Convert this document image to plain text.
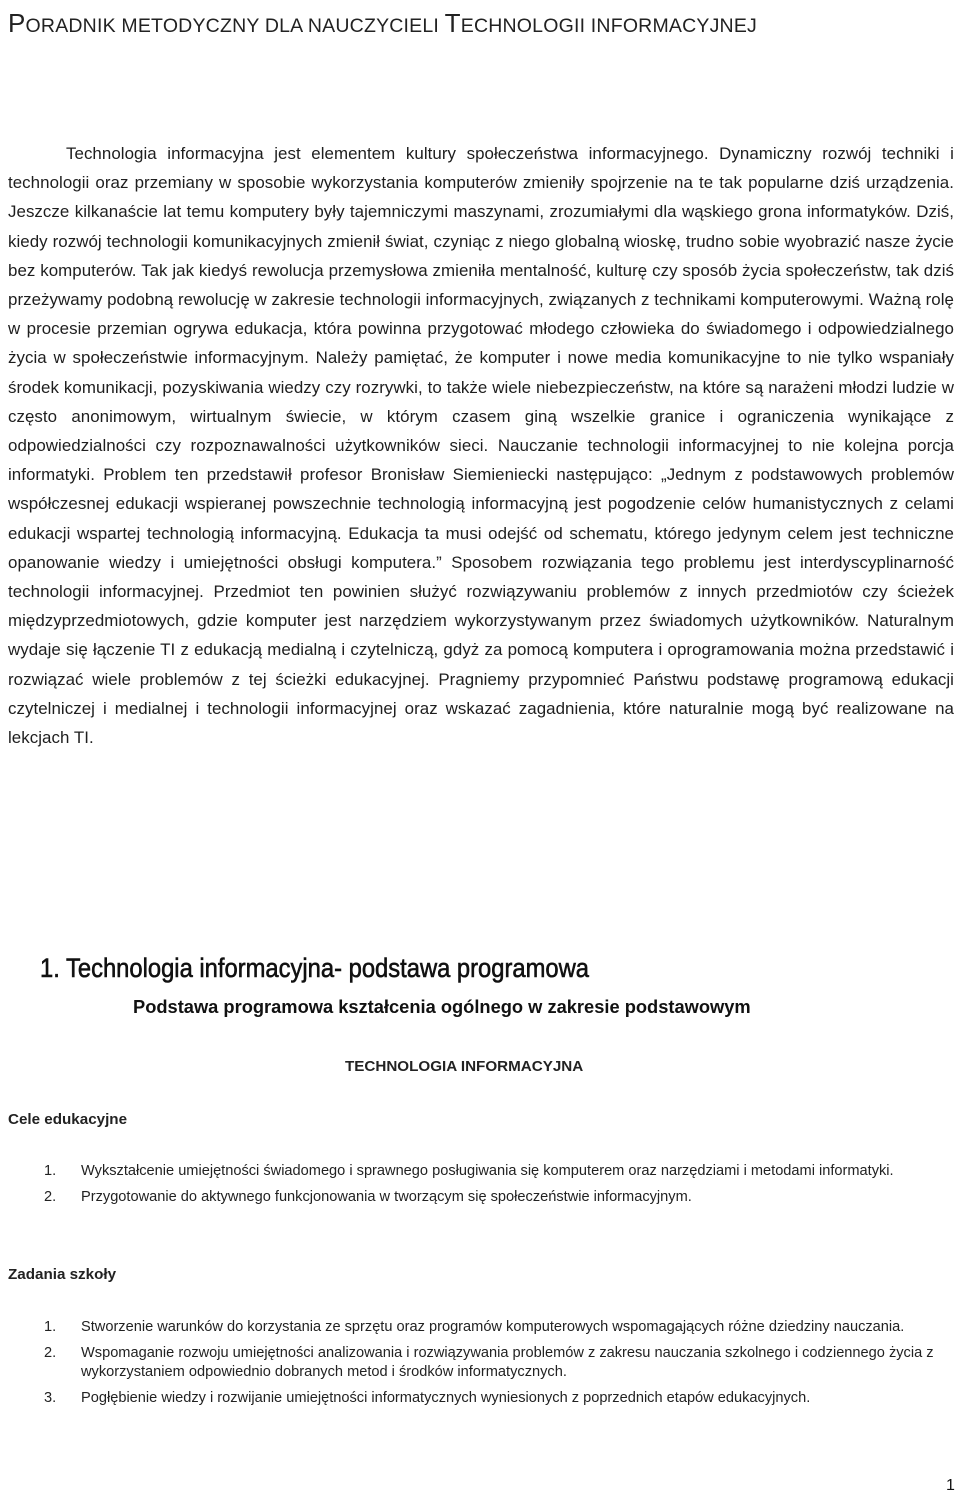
PORADNIK METODYCZNY DLA NAUCZYCIELI TECHNOLOGII INFORMACYJNEJ

Technologia informacyjna jest elementem kultury społeczeństwa informacyjnego. Dynamiczny rozwój techniki i technologii oraz przemiany w sposobie wykorzystania komputerów zmieniły spojrzenie na te tak popularne dziś urządzenia. Jeszcze kilkanaście lat temu komputery były tajemniczymi maszynami, zrozumiałymi dla wąskiego grona informatyków. Dziś, kiedy rozwój technologii komunikacyjnych zmienił świat, czyniąc z niego globalną wioskę, trudno sobie wyobrazić nasze życie bez komputerów. Tak jak kiedyś rewolucja przemysłowa zmieniła mentalność, kulturę czy sposób życia społeczeństw, tak dziś przeżywamy podobną rewolucję w zakresie technologii informacyjnych, związanych z technikami komputerowymi. Ważną rolę w procesie przemian ogrywa edukacja, która powinna przygotować młodego człowieka do świadomego i odpowiedzialnego życia w społeczeństwie informacyjnym. Należy pamiętać, że komputer i nowe media komunikacyjne to nie tylko wspaniały środek komunikacji, pozyskiwania wiedzy czy rozrywki, to także wiele niebezpieczeństw, na które są narażeni młodzi ludzie w często anonimowym, wirtualnym świecie, w którym czasem giną wszelkie granice i ograniczenia wynikające z odpowiedzialności czy rozpoznawalności użytkowników sieci. Nauczanie technologii informacyjnej to nie kolejna porcja informatyki. Problem ten przedstawił profesor Bronisław Siemieniecki następująco: „Jednym z podstawowych problemów współczesnej edukacji wspieranej powszechnie technologią informacyjną jest pogodzenie celów humanistycznych z celami edukacji wspartej technologią informacyjną. Edukacja ta musi odejść od schematu, którego jedynym celem jest techniczne opanowanie wiedzy i umiejętności obsługi komputera.” Sposobem rozwiązania tego problemu jest interdyscyplinarność technologii informacyjnej. Przedmiot ten powinien służyć rozwiązywaniu problemów z innych przedmiotów czy ścieżek międzyprzedmiotowych, gdzie komputer jest narzędziem wykorzystywanym przez świadomych użytkowników. Naturalnym wydaje się łączenie TI z edukacją medialną i czytelniczą, gdyż za pomocą komputera i oprogramowania można przedstawić i rozwiązać wiele problemów z tej ścieżki edukacyjnej. Pragniemy przypomnieć Państwu podstawę programową edukacji czytelniczej i medialnej i technologii informacyjnej oraz wskazać zagadnienia, które naturalnie mogą być realizowane na lekcjach TI.

1. Technologia informacyjna- podstawa programowa
Podstawa programowa kształcenia ogólnego w zakresie podstawowym
TECHNOLOGIA INFORMACYJNA
Cele edukacyjne
1. Wykształcenie umiejętności świadomego i sprawnego posługiwania się komputerem oraz narzędziami i metodami informatyki.
2. Przygotowanie do aktywnego funkcjonowania w tworzącym się społeczeństwie informacyjnym.
Zadania szkoły
1. Stworzenie warunków do korzystania ze sprzętu oraz programów komputerowych wspomagających różne dziedziny nauczania.
2. Wspomaganie rozwoju umiejętności analizowania i rozwiązywania problemów z zakresu nauczania szkolnego i codziennego życia z wykorzystaniem odpowiednio dobranych metod i środków informatycznych.
3. Pogłębienie wiedzy i rozwijanie umiejętności informatycznych wyniesionych z poprzednich etapów edukacyjnych.
1
